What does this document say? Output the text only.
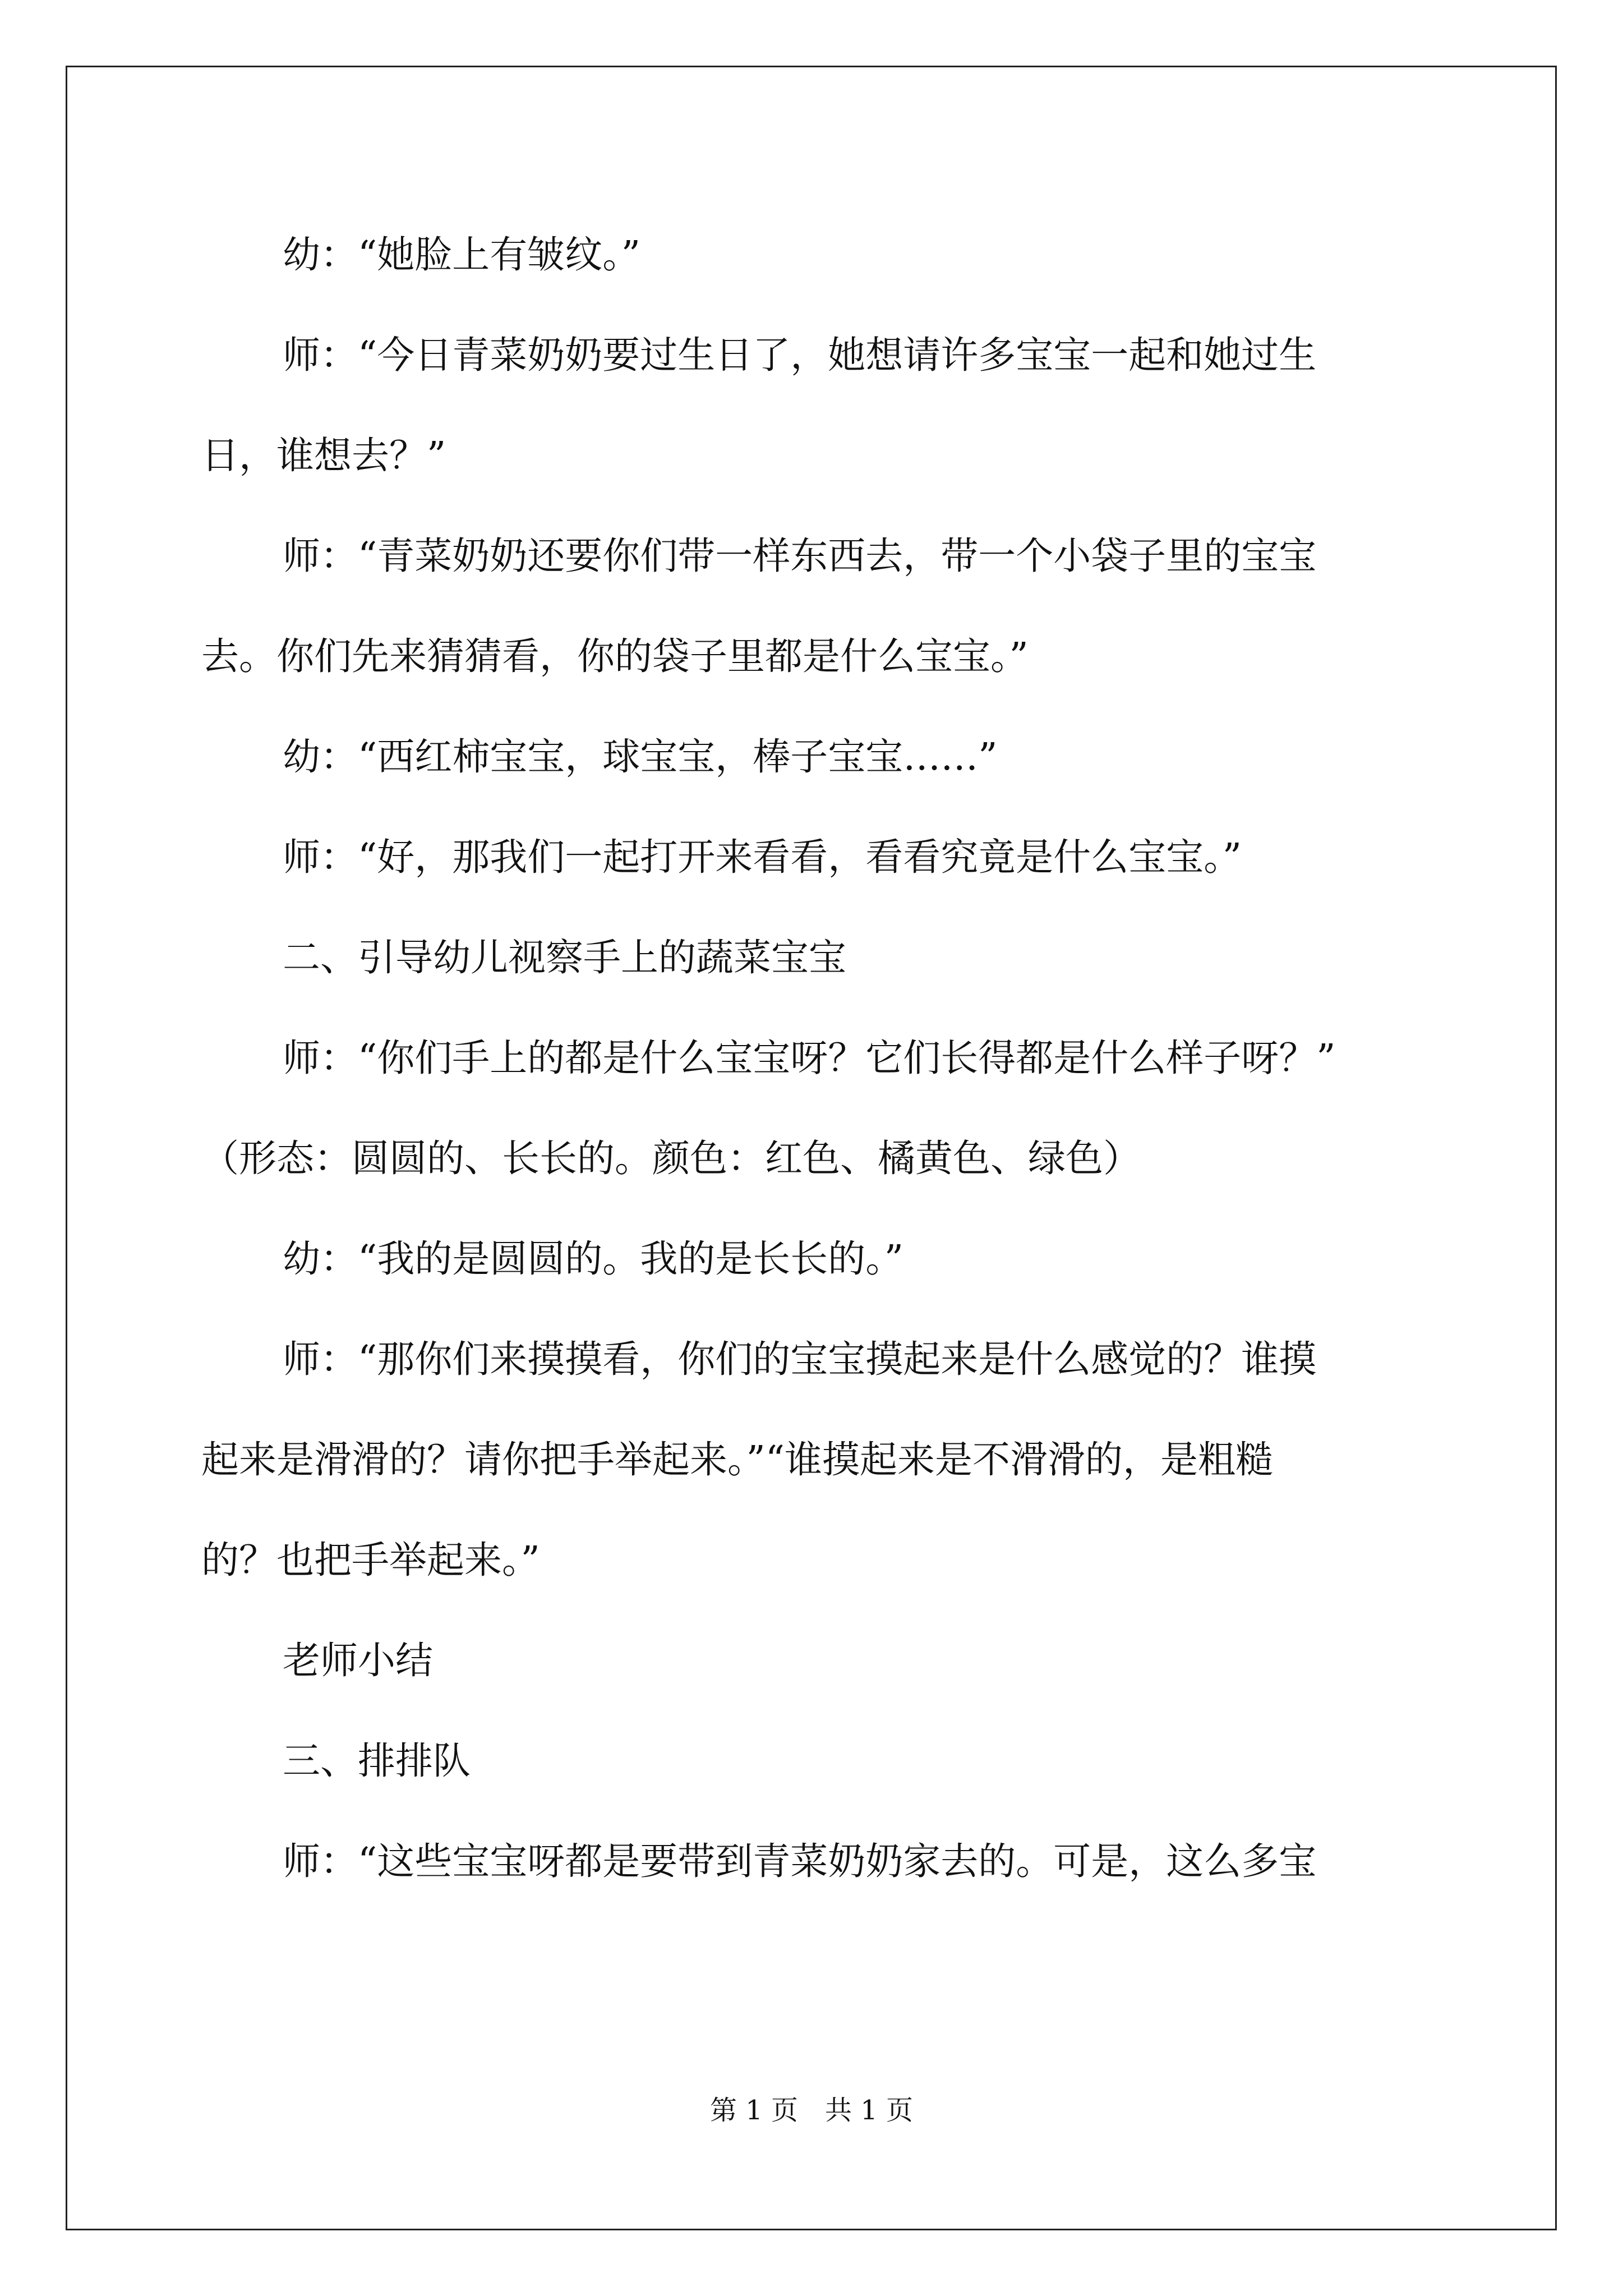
幼：“她脸上有皱纹。”

师：“今日青菜奶奶要过生日了，她想请许多宝宝一起和她过生

日，谁想去？”

师：“青菜奶奶还要你们带一样东西去，带一个小袋子里的宝宝

去。你们先来猜猜看，你的袋子里都是什么宝宝。”

幼：“西红柿宝宝，球宝宝，棒子宝宝……”

师：“好，那我们一起打开来看看，看看究竟是什么宝宝。”

二、引导幼儿视察手上的蔬菜宝宝

师：“你们手上的都是什么宝宝呀？它们长得都是什么样子呀？”

（形态：圆圆的、长长的。颜色：红色、橘黄色、绿色）

幼：“我的是圆圆的。我的是长长的。”

师：“那你们来摸摸看，你们的宝宝摸起来是什么感觉的？谁摸

起来是滑滑的？请你把手举起来。”“谁摸起来是不滑滑的，是粗糙

的？也把手举起来。”

老师小结

三、排排队

师：“这些宝宝呀都是要带到青菜奶奶家去的。可是，这么多宝

第 1 页 共 1 页
